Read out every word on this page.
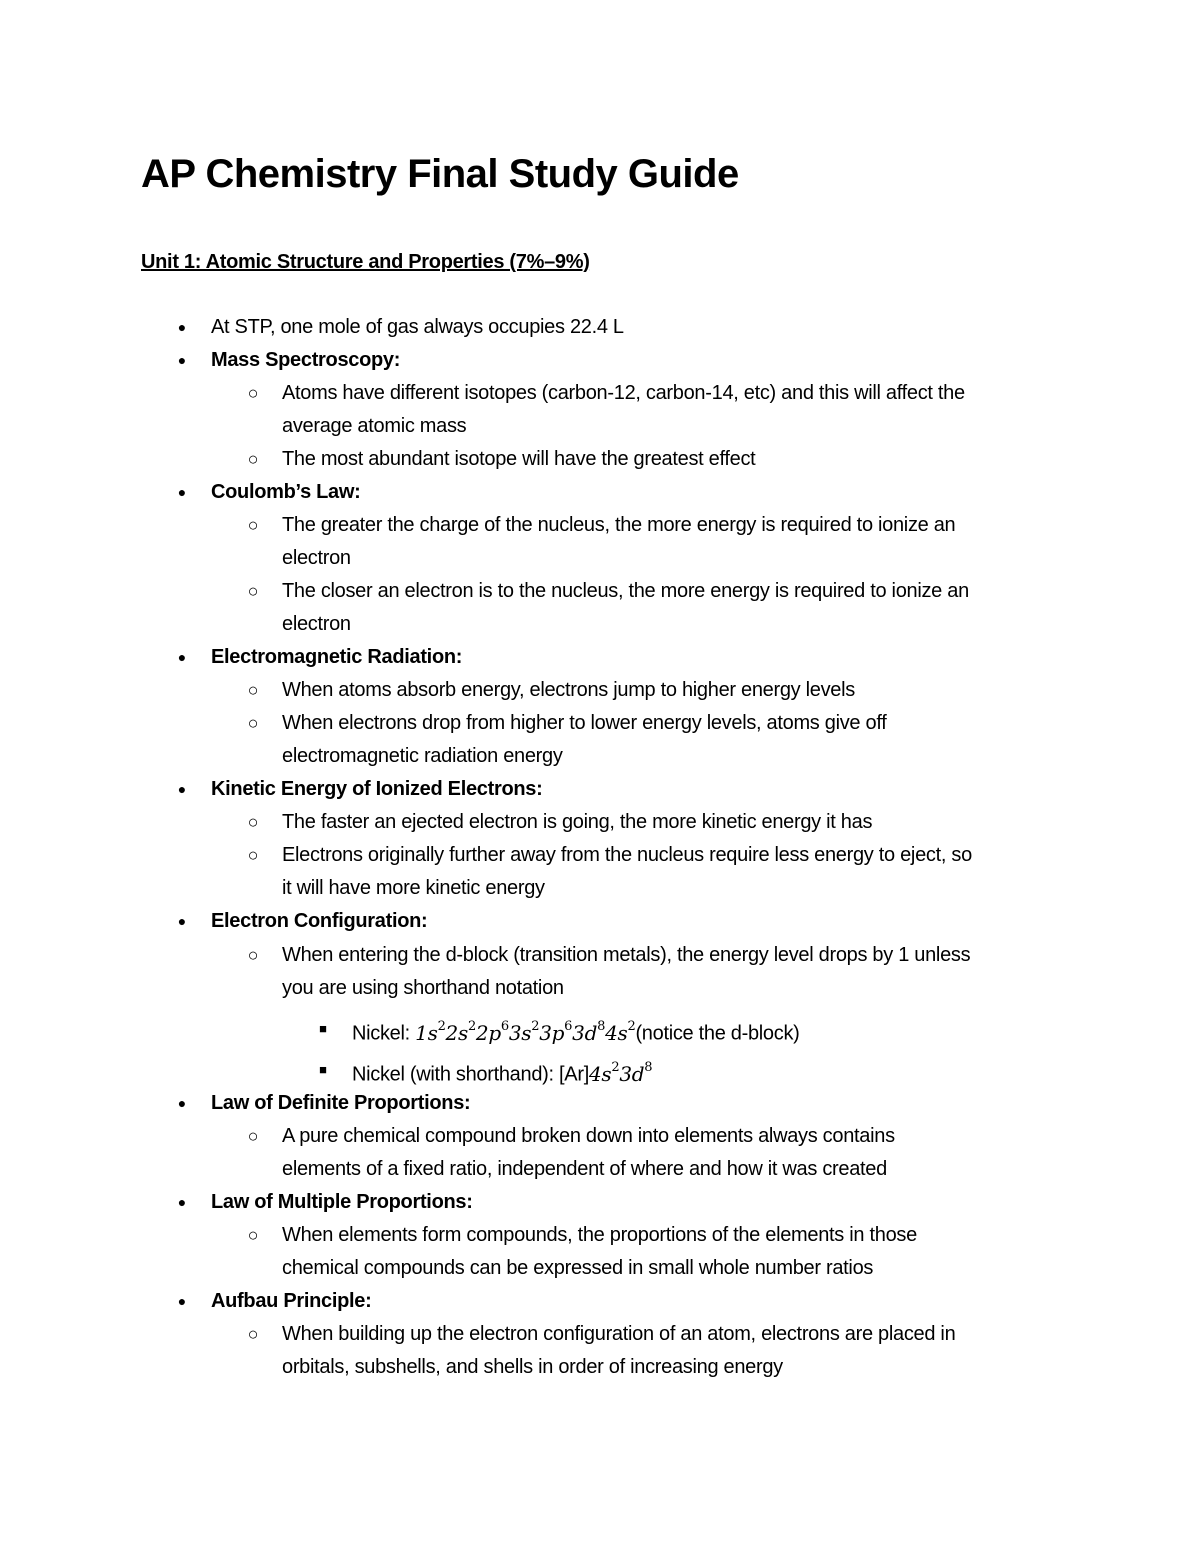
AP Chemistry Final Study Guide
Unit 1: Atomic Structure and Properties (7%–9%)
● At STP, one mole of gas always occupies 22.4 L
● Mass Spectroscopy:
○ Atoms have different isotopes (carbon-12, carbon-14, etc) and this will affect the
average atomic mass
○ The most abundant isotope will have the greatest effect
● Coulomb’s Law:
○ The greater the charge of the nucleus, the more energy is required to ionize an
electron
○ The closer an electron is to the nucleus, the more energy is required to ionize an
electron
● Electromagnetic Radiation:
○ When atoms absorb energy, electrons jump to higher energy levels
○ When electrons drop from higher to lower energy levels, atoms give off
electromagnetic radiation energy
● Kinetic Energy of Ionized Electrons:
○ The faster an ejected electron is going, the more kinetic energy it has
○ Electrons originally further away from the nucleus require less energy to eject, so
it will have more kinetic energy
● Electron Configuration:
○ When entering the d-block (transition metals), the energy level drops by 1 unless
you are using shorthand notation
■ Nickel: $1s^22s^22p^63s^23p^63d^84s^2(notice$ the d-block)
■ Nickel (with shorthand): $[Ar]4s^23d^8$
● Law of Definite Proportions:
○ A pure chemical compound broken down into elements always contains
elements of a fixed ratio, independent of where and how it was created
● Law of Multiple Proportions:
○ When elements form compounds, the proportions of the elements in those
chemical compounds can be expressed in small whole number ratios
● Aufbau Principle:
○ When building up the electron configuration of an atom, electrons are placed in
orbitals, subshells, and shells in order of increasing energy
